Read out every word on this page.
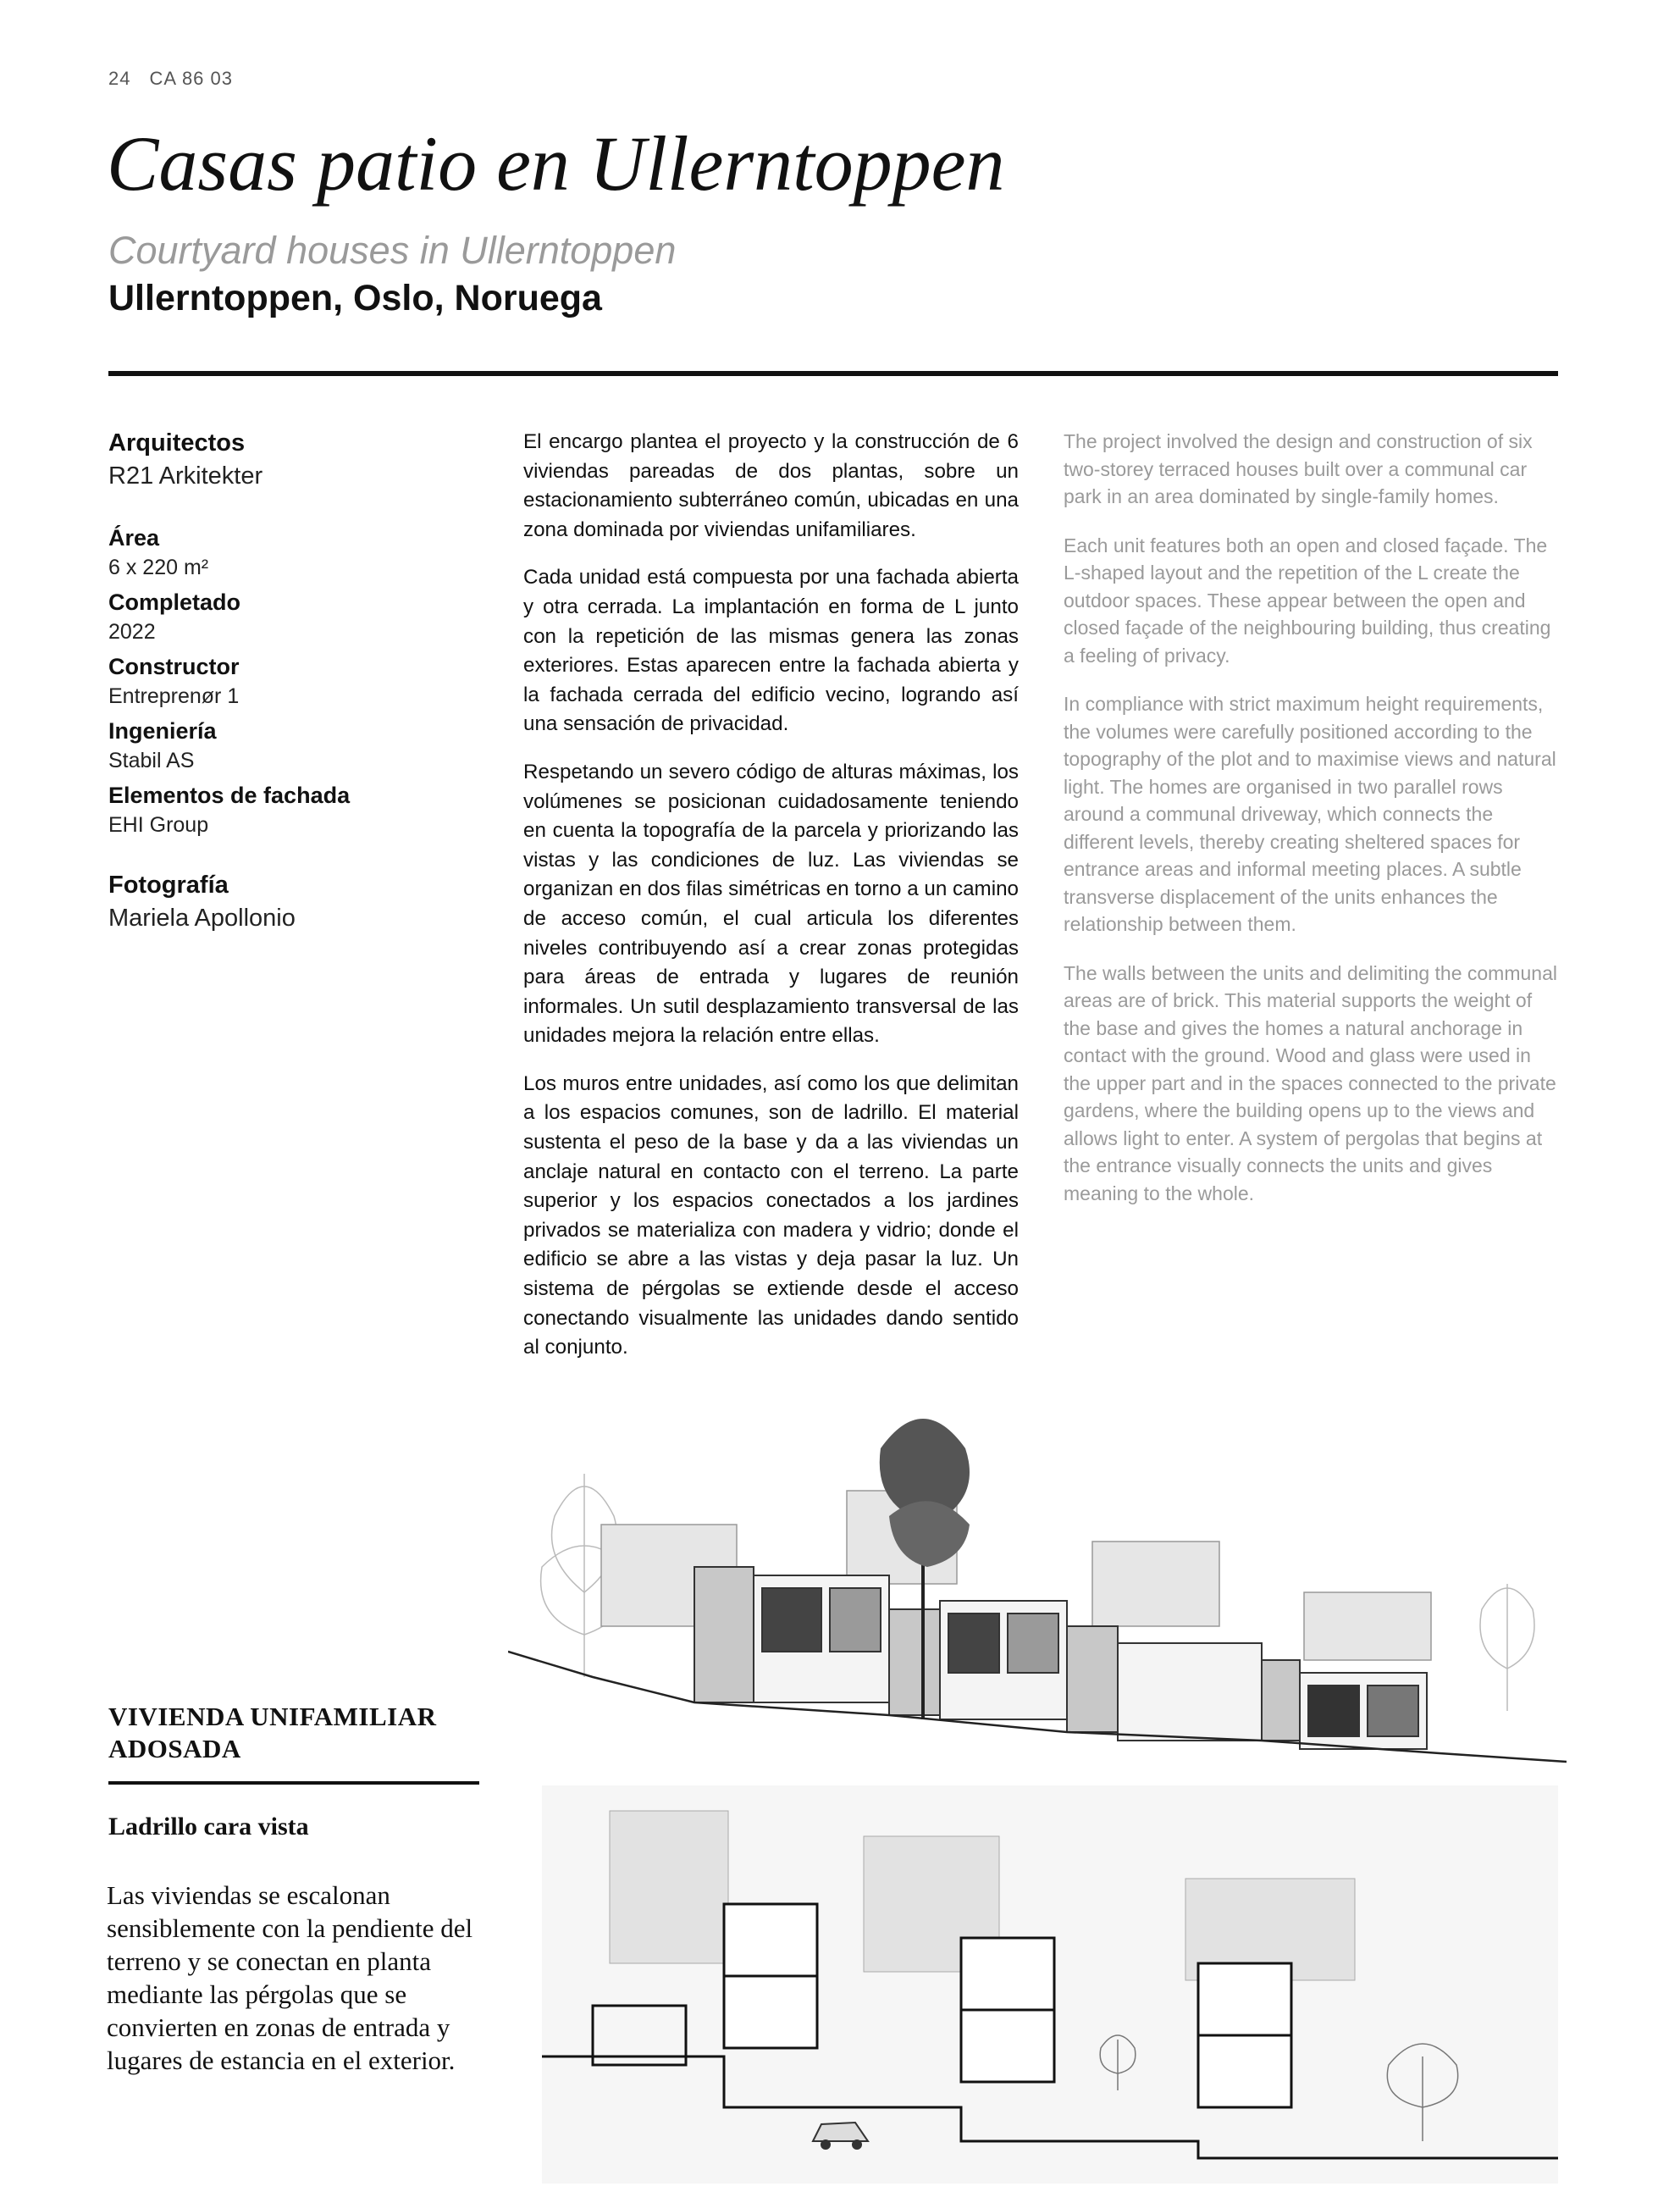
24 CA 86 03
Casas patio en Ullerntoppen
Courtyard houses in Ullerntoppen
Ullerntoppen, Oslo, Noruega
Arquitectos
R21 Arkitekter
Área
6 x 220 m²
Completado
2022
Constructor
Entreprenør 1
Ingeniería
Stabil AS
Elementos de fachada
EHI Group
Fotografía
Mariela Apollonio

El encargo plantea el proyecto y la construcción de 6 viviendas pareadas de dos plantas, sobre un estacionamiento subterráneo común, ubicadas en una zona dominada por viviendas unifamiliares.

Cada unidad está compuesta por una fachada abierta y otra cerrada. La implantación en forma de L junto con la repetición de las mismas genera las zonas exteriores. Estas aparecen entre la fachada abierta y la fachada cerrada del edificio vecino, logrando así una sensación de privacidad.

Respetando un severo código de alturas máximas, los volúmenes se posicionan cuidadosamente teniendo en cuenta la topografía de la parcela y priorizando las vistas y las condiciones de luz. Las viviendas se organizan en dos filas simétricas en torno a un camino de acceso común, el cual articula los diferentes niveles contribuyendo así a crear zonas protegidas para áreas de entrada y lugares de reunión informales. Un sutil desplazamiento transversal de las unidades mejora la relación entre ellas.

Los muros entre unidades, así como los que delimitan a los espacios comunes, son de ladrillo. El material sustenta el peso de la base y da a las viviendas un anclaje natural en contacto con el terreno. La parte superior y los espacios conectados a los jardines privados se materializa con madera y vidrio; donde el edificio se abre a las vistas y deja pasar la luz. Un sistema de pérgolas se extiende desde el acceso conectando visualmente las unidades dando sentido al conjunto.

The project involved the design and construction of six two-storey terraced houses built over a communal car park in an area dominated by single-family homes.

Each unit features both an open and closed façade. The L-shaped layout and the repetition of the L create the outdoor spaces. These appear between the open and closed façade of the neighbouring building, thus creating a feeling of privacy.

In compliance with strict maximum height requirements, the volumes were carefully positioned according to the topography of the plot and to maximise views and natural light. The homes are organised in two parallel rows around a communal driveway, which connects the different levels, thereby creating sheltered spaces for entrance areas and informal meeting places. A subtle transverse displacement of the units enhances the relationship between them.

The walls between the units and delimiting the communal areas are of brick. This material supports the weight of the base and gives the homes a natural anchorage in contact with the ground. Wood and glass were used in the upper part and in the spaces connected to the private gardens, where the building opens up to the views and allows light to enter. A system of pergolas that begins at the entrance visually connects the units and gives meaning to the whole.

VIVIENDA UNIFAMILIAR
ADOSADA
Ladrillo cara vista
Las viviendas se escalonan sensiblemente con la pendiente del terreno y se conectan en planta mediante las pérgolas que se convierten en zonas de entrada y lugares de estancia en el exterior.
